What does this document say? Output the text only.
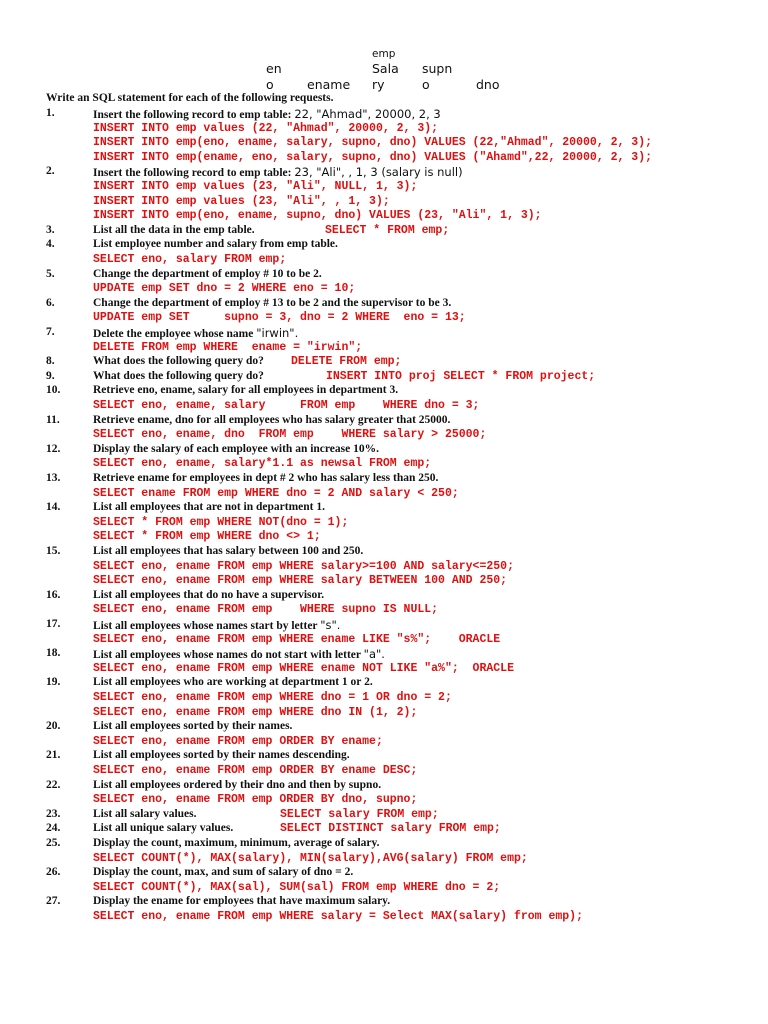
emp
en	Sala supn
o	ename ry	o	dno
Write an SQL statement for each of the following requests.
1.	Insert the following record to emp table: 22, "Ahmad", 20000, 2, 3
INSERT INTO emp values (22, "Ahmad", 20000, 2, 3);
INSERT INTO emp(eno, ename, salary, supno, dno) VALUES (22,"Ahmad", 20000, 2, 3);
INSERT INTO emp(ename, eno, salary, supno, dno) VALUES ("Ahamd",22, 20000, 2, 3);
2.	Insert the following record to emp table: 23, "Ali", , 1, 3 (salary is null)
INSERT INTO emp values (23, "Ali", NULL, 1, 3);
INSERT INTO emp values (23, "Ali", , 1, 3);
INSERT INTO emp(eno, ename, supno, dno) VALUES (23, "Ali", 1, 3);
3.	List all the data in the emp table.	SELECT * FROM emp;
4.	List employee number and salary from emp table.
SELECT eno, salary FROM emp;
5.	Change the department of employ # 10 to be 2.
UPDATE emp SET dno = 2 WHERE eno = 10;
6.	Change the department of employ # 13 to be 2 and the supervisor to be 3.
UPDATE emp SET     supno = 3, dno = 2 WHERE  eno = 13;
7.	Delete the employee whose name "irwin".
DELETE FROM emp WHERE  ename = "irwin";
8.	What does the following query do? DELETE FROM emp;
9.	What does the following query do?	INSERT INTO proj SELECT * FROM project;
10.	Retrieve eno, ename, salary for all employees in department 3.
SELECT eno, ename, salary     FROM emp    WHERE dno = 3;
11.	Retrieve ename, dno for all employees who has salary greater that 25000.
SELECT eno, ename, dno  FROM emp    WHERE salary > 25000;
12.	Display the salary of each employee with an increase 10%.
SELECT eno, ename, salary*1.1 as newsal FROM emp;
13.	Retrieve ename for employees in dept # 2 who has salary less than 250.
SELECT ename FROM emp WHERE dno = 2 AND salary < 250;
14.	List all employees that are not in department 1.
SELECT * FROM emp WHERE NOT(dno = 1);
SELECT * FROM emp WHERE dno <> 1;
15.	List all employees that has salary between 100 and 250.
SELECT eno, ename FROM emp WHERE salary>=100 AND salary<=250;
SELECT eno, ename FROM emp WHERE salary BETWEEN 100 AND 250;
16.	List all employees that do no have a supervisor.
SELECT eno, ename FROM emp    WHERE supno IS NULL;
17.	List all employees whose names start by letter "s".
SELECT eno, ename FROM emp WHERE ename LIKE "s%";    ORACLE
18.	List all employees whose names do not start with letter "a".
SELECT eno, ename FROM emp WHERE ename NOT LIKE "a%";  ORACLE
19.	List all employees who are working at department 1 or 2.
SELECT eno, ename FROM emp WHERE dno = 1 OR dno = 2;
SELECT eno, ename FROM emp WHERE dno IN (1, 2);
20.	List all employees sorted by their names.
SELECT eno, ename FROM emp ORDER BY ename;
21.	List all employees sorted by their names descending.
SELECT eno, ename FROM emp ORDER BY ename DESC;
22.	List all employees ordered by their dno and then by supno.
SELECT eno, ename FROM emp ORDER BY dno, supno;
23.	List all salary values.	SELECT salary FROM emp;
24.	List all unique salary values.	SELECT DISTINCT salary FROM emp;
25.	Display the count, maximum, minimum, average of salary.
SELECT COUNT(*), MAX(salary), MIN(salary),AVG(salary) FROM emp;
26.	Display the count, max, and sum of salary of dno = 2.
SELECT COUNT(*), MAX(sal), SUM(sal) FROM emp WHERE dno = 2;
27.	Display the ename for employees that have maximum salary.
SELECT eno, ename FROM emp WHERE salary = Select MAX(salary) from emp);
